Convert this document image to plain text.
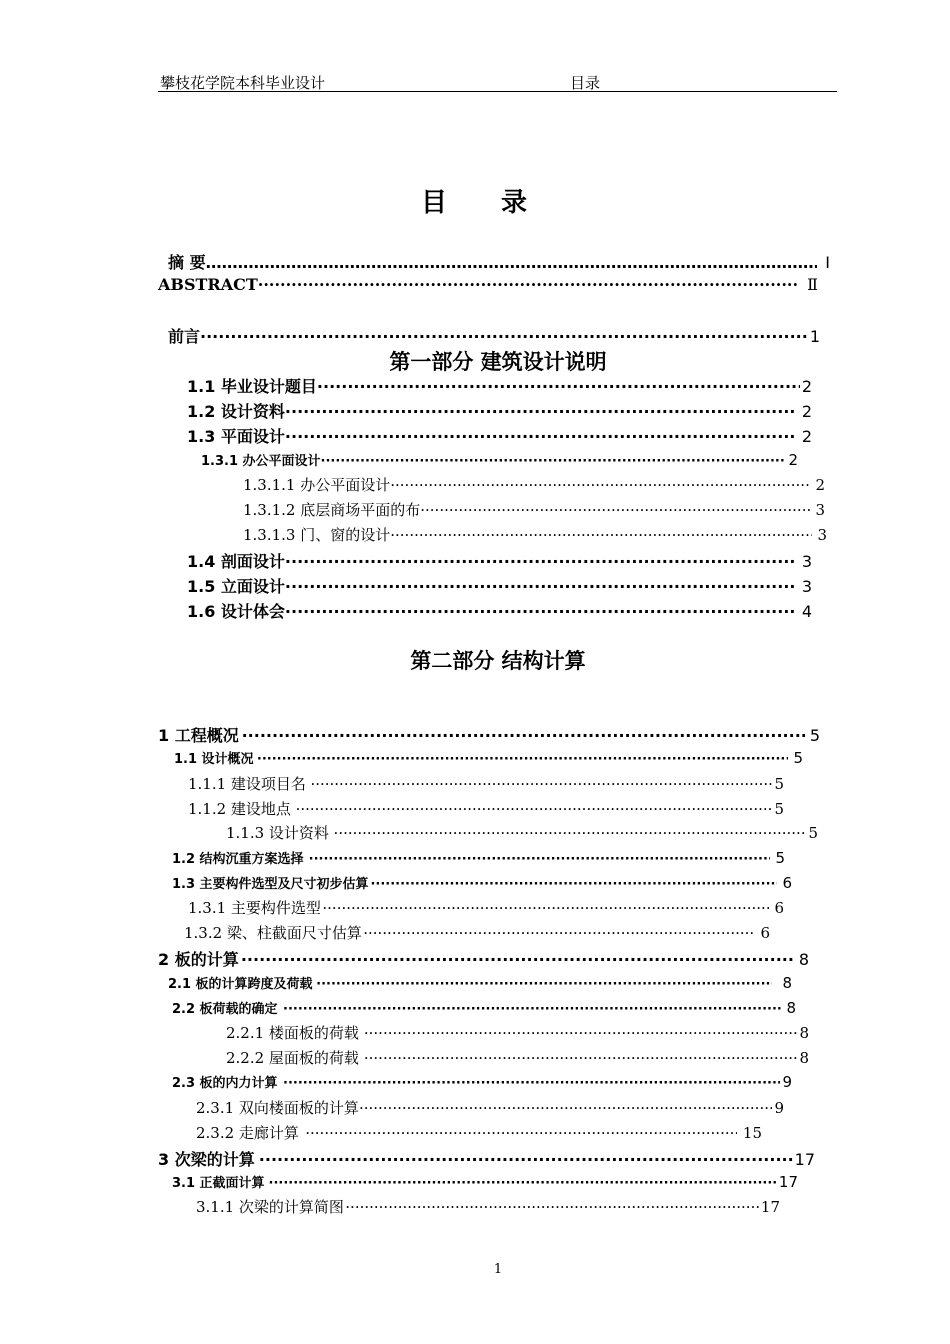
攀枝花学院本科毕业设计	目录
目 录
摘 要 ……………………………………………………………………………………………………………………………………………………………………	Ⅰ
ABSTRACT ·····	Ⅱ
前言 ·····	1
第一部分 建筑设计说明
1.1 毕业设计题目 ·····	2
1.2 设计资料 ·····	2
1.3 平面设计 ·····	2
1.3.1 办公平面设计 ·····	2
1.3.1.1 办公平面设计 ·····	2
1.3.1.2 底层商场平面的布 ·····	3
1.3.1.3 门、窗的设计 ·····	3
1.4 剖面设计 ·····	3
1.5 立面设计 ·····	3
1.6 设计体会 ·····	4
第二部分 结构计算
1 工程概况 ·····	5
1.1 设计概况 ·····	5
1.1.1 建设项目名 ·····	5
1.1.2 建设地点 ·····	5
1.1.3 设计资料 ·····	5
1.2 结构沉重方案选择 ·····	5
1.3 主要构件选型及尺寸初步估算 ·····	6
1.3.1 主要构件选型 ·····	6
1.3.2 梁、柱截面尺寸估算 ·····	6
2 板的计算 ·····	8
2.1 板的计算跨度及荷载 ·····	8
2.2 板荷载的确定 ·····	8
2.2.1 楼面板的荷载 ·····	8
2.2.2 屋面板的荷载 ·····	8
2.3 板的内力计算 ·····	9
2.3.1 双向楼面板的计算 ·····	9
2.3.2 走廊计算 ·····	15
3 次梁的计算 ·····	17
3.1 正截面计算 ·····	17
3.1.1 次梁的计算简图 ·····	17
1
